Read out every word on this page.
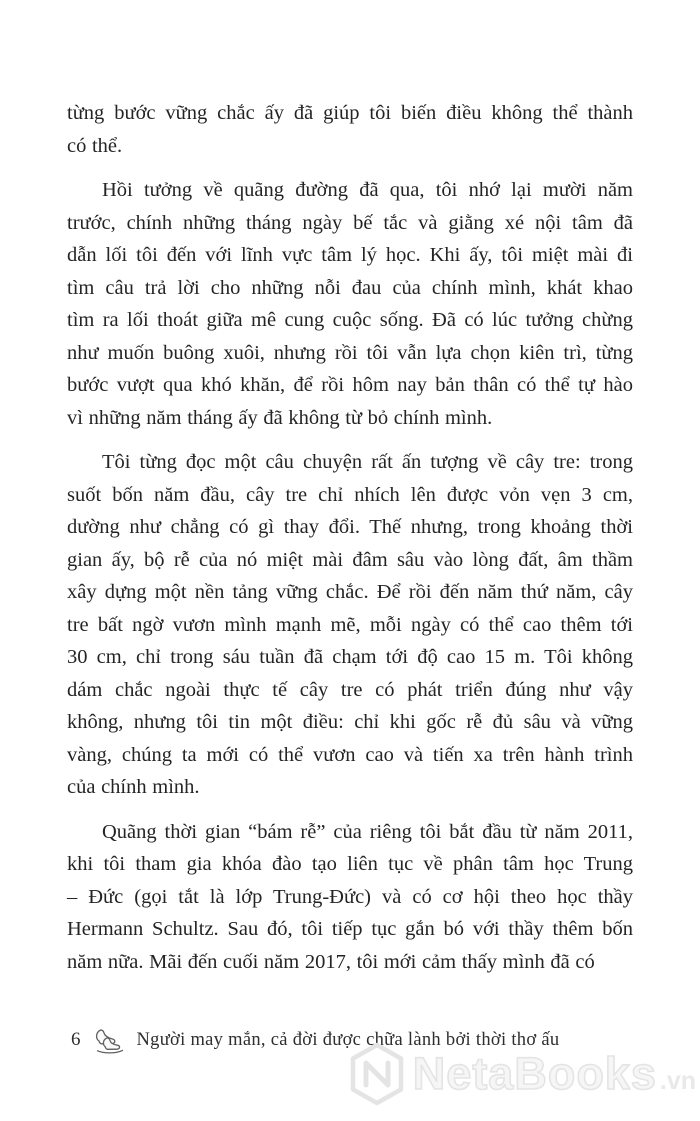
từng bước vững chắc ấy đã giúp tôi biến điều không thể thành
có thể.
Hồi tưởng về quãng đường đã qua, tôi nhớ lại mười năm
trước, chính những tháng ngày bế tắc và giằng xé nội tâm đã
dẫn lối tôi đến với lĩnh vực tâm lý học. Khi ấy, tôi miệt mài đi
tìm câu trả lời cho những nỗi đau của chính mình, khát khao
tìm ra lối thoát giữa mê cung cuộc sống. Đã có lúc tưởng chừng
như muốn buông xuôi, nhưng rồi tôi vẫn lựa chọn kiên trì, từng
bước vượt qua khó khăn, để rồi hôm nay bản thân có thể tự hào
vì những năm tháng ấy đã không từ bỏ chính mình.
Tôi từng đọc một câu chuyện rất ấn tượng về cây tre: trong
suốt bốn năm đầu, cây tre chỉ nhích lên được vỏn vẹn 3 cm,
dường như chẳng có gì thay đổi. Thế nhưng, trong khoảng thời
gian ấy, bộ rễ của nó miệt mài đâm sâu vào lòng đất, âm thầm
xây dựng một nền tảng vững chắc. Để rồi đến năm thứ năm, cây
tre bất ngờ vươn mình mạnh mẽ, mỗi ngày có thể cao thêm tới
30 cm, chỉ trong sáu tuần đã chạm tới độ cao 15 m. Tôi không
dám chắc ngoài thực tế cây tre có phát triển đúng như vậy
không, nhưng tôi tin một điều: chỉ khi gốc rễ đủ sâu và vững
vàng, chúng ta mới có thể vươn cao và tiến xa trên hành trình
của chính mình.
Quãng thời gian “bám rễ” của riêng tôi bắt đầu từ năm 2011,
khi tôi tham gia khóa đào tạo liên tục về phân tâm học Trung
– Đức (gọi tắt là lớp Trung-Đức) và có cơ hội theo học thầy
Hermann Schultz. Sau đó, tôi tiếp tục gắn bó với thầy thêm bốn
năm nữa. Mãi đến cuối năm 2017, tôi mới cảm thấy mình đã có
6	Người may mắn, cả đời được chữa lành bởi thời thơ ấu
NetaBooks .vn
